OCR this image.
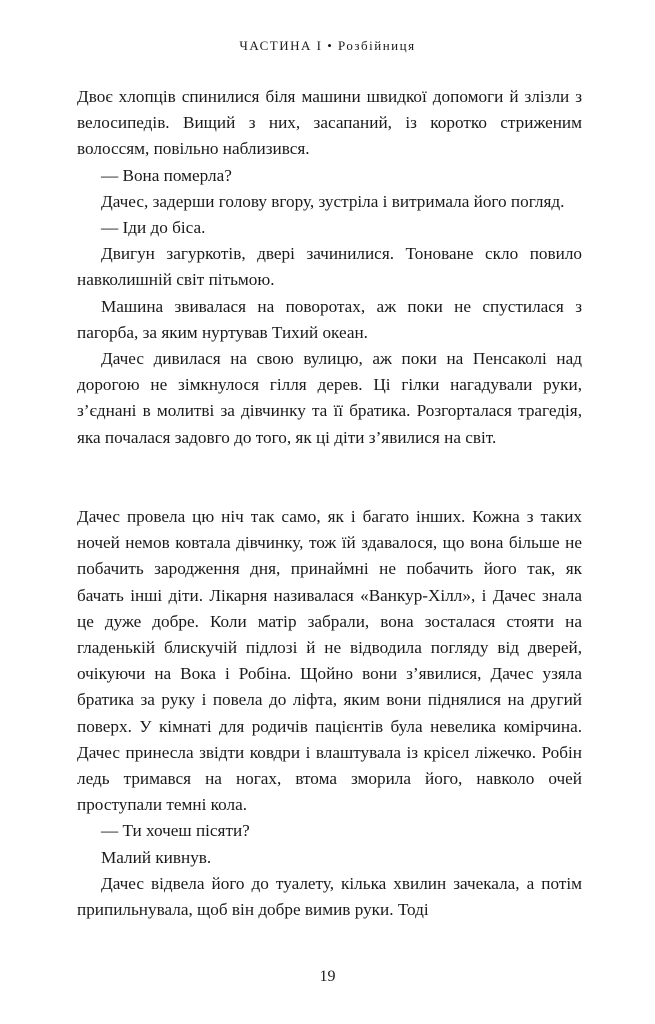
ЧАСТИНА I • Розбійниця

Двоє хлопців спинилися біля машини швидкої допомоги й злізли з велосипедів. Вищий з них, засапаний, із коротко стриженим волоссям, повільно наблизився.

— Вона померла?

Дачес, задерши голову вгору, зустріла і витримала його погляд.

— Іди до біса.

Двигун загуркотів, двері зачинилися. Тоноване скло повило навколишній світ пітьмою.

Машина звивалася на поворотах, аж поки не спустилася з пагорба, за яким нуртував Тихий океан.

Дачес дивилася на свою вулицю, аж поки на Пенсаколі над дорогою не зімкнулося гілля дерев. Ці гілки нагадували руки, з’єднані в молитві за дівчинку та її братика. Розгорталася трагедія, яка почалася задовго до того, як ці діти з’явилися на світ.

Дачес провела цю ніч так само, як і багато інших. Кожна з таких ночей немов ковтала дівчинку, тож їй здавалося, що вона більше не побачить зародження дня, принаймні не побачить його так, як бачать інші діти. Лікарня називалася «Ванкур-Хілл», і Дачес знала це дуже добре. Коли матір забрали, вона зосталася стояти на гладенькій блискучій підлозі й не відводила погляду від дверей, очікуючи на Вока і Робіна. Щойно вони з’явилися, Дачес узяла братика за руку і повела до ліфта, яким вони піднялися на другий поверх. У кімнаті для родичів пацієнтів була невелика комірчина. Дачес принесла звідти ковдри і влаштувала із крісел ліжечко. Робін ледь тримався на ногах, втома зморила його, навколо очей проступали темні кола.

— Ти хочеш пісяти?

Малий кивнув.

Дачес відвела його до туалету, кілька хвилин зачекала, а потім припильнувала, щоб він добре вимив руки. Тоді

19
